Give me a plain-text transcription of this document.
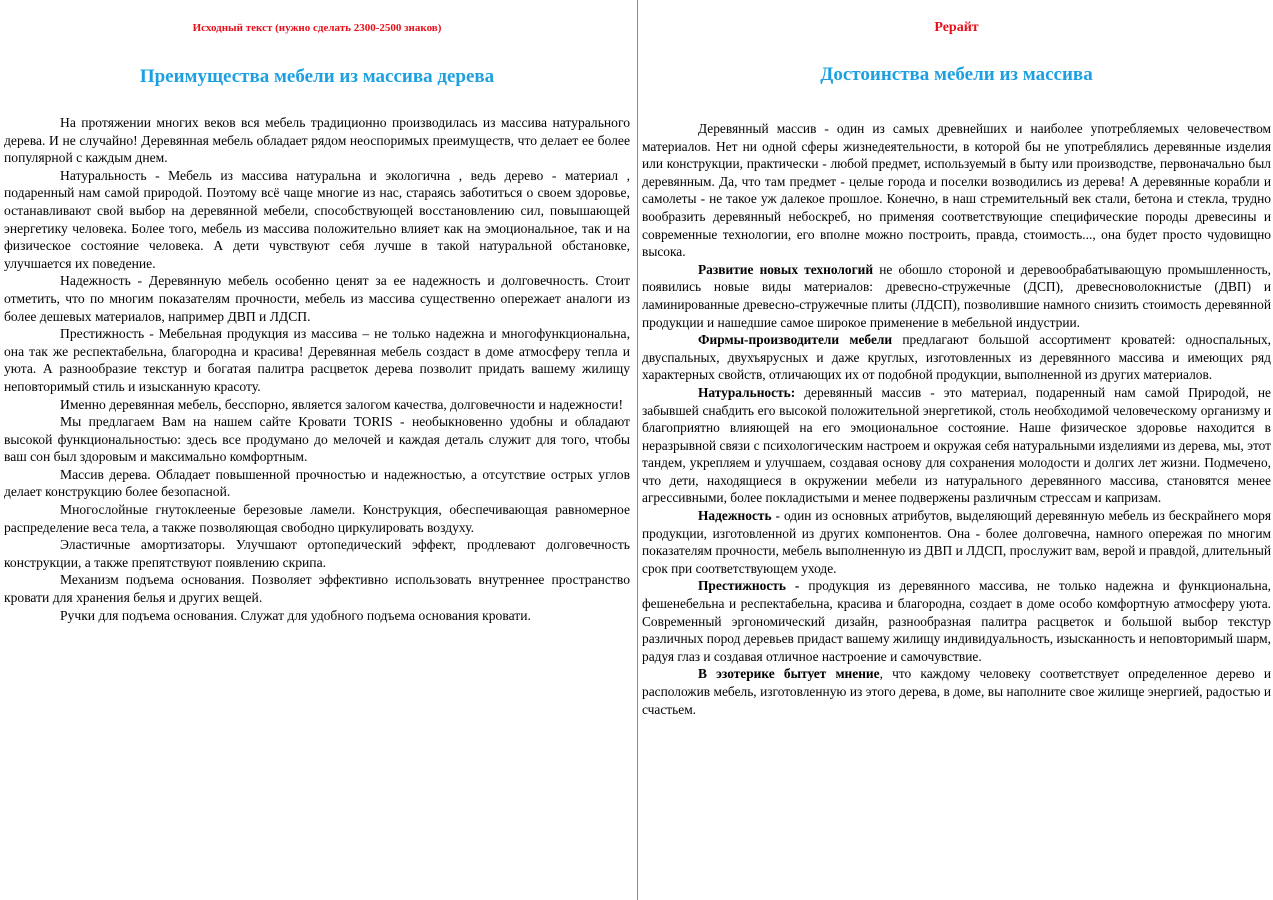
Исходный текст (нужно сделать 2300-2500 знаков)
Преимущества мебели из массива дерева

На протяжении многих веков вся мебель традиционно производилась из массива натурального дерева. И не случайно! Деревянная мебель обладает рядом неоспоримых преимуществ, что делает ее более популярной с каждым днем.

Натуральность - Мебель из массива натуральна и экологична , ведь дерево - материал , подаренный нам самой природой. Поэтому всё чаще многие из нас, стараясь заботиться о своем здоровье, останавливают свой выбор на деревянной мебели, способствующей восстановлению сил, повышающей энергетику человека. Более того, мебель из массива положительно влияет как на эмоциональное, так и на физическое состояние человека. А дети чувствуют себя лучше в такой натуральной обстановке, улучшается их поведение.

Надежность - Деревянную мебель особенно ценят за ее надежность и долговечность. Стоит отметить, что по многим показателям прочности, мебель из массива существенно опережает аналоги из более дешевых материалов, например ДВП и ЛДСП.

Престижность - Мебельная продукция из массива – не только надежна и многофункциональна, она так же респектабельна, благородна и красива! Деревянная мебель создаст в доме атмосферу тепла и уюта. А разнообразие текстур и богатая палитра расцветок дерева позволит придать вашему жилищу неповторимый стиль и изысканную красоту.

Именно деревянная мебель, бесспорно, является залогом качества, долговечности и надежности!

Мы предлагаем Вам на нашем сайте Кровати TORIS - необыкновенно удобны и обладают высокой функциональностью: здесь все продумано до мелочей и каждая деталь служит для того, чтобы ваш сон был здоровым и максимально комфортным.

Массив дерева. Обладает повышенной прочностью и надежностью, а отсутствие острых углов делает конструкцию более безопасной.

Многослойные гнутоклееные березовые ламели. Конструкция, обеспечивающая равномерное распределение веса тела, а также позволяющая свободно циркулировать воздуху.

Эластичные амортизаторы. Улучшают ортопедический эффект, продлевают долговечность конструкции, а также препятствуют появлению скрипа.

Механизм подъема основания. Позволяет эффективно использовать внутреннее пространство кровати для хранения белья и других вещей.

Ручки для подъема основания. Служат для удобного подъема основания кровати.

Рерайт
Достоинства мебели из массива

Деревянный массив - один из самых древнейших и наиболее употребляемых человечеством материалов. Нет ни одной сферы жизнедеятельности, в которой бы не употреблялись деревянные изделия или конструкции, практически - любой предмет, используемый в быту или производстве, первоначально был деревянным. Да, что там предмет - целые города и поселки возводились из дерева! А деревянные корабли и самолеты - не такое уж далекое прошлое. Конечно, в наш стремительный век стали, бетона и стекла, трудно вообразить деревянный небоскреб, но применяя соответствующие специфические породы древесины и современные технологии, его вполне можно построить, правда, стоимость..., она будет просто чудовищно высока.

Развитие новых технологий не обошло стороной и деревообрабатывающую промышленность, появились новые виды материалов: древесно-стружечные (ДСП), древесноволокнистые (ДВП) и ламинированные древесно-стружечные плиты (ЛДСП), позволившие намного снизить стоимость деревянной продукции и нашедшие самое широкое применение в мебельной индустрии.

Фирмы-производители мебели предлагают большой ассортимент кроватей: односпальных, двуспальных, двухъярусных и даже круглых, изготовленных из деревянного массива и имеющих ряд характерных свойств, отличающих их от подобной продукции, выполненной из других материалов.

Натуральность: деревянный массив - это материал, подаренный нам самой Природой, не забывшей снабдить его высокой положительной энергетикой, столь необходимой человеческому организму и благоприятно влияющей на его эмоциональное состояние. Наше физическое здоровье находится в неразрывной связи с психологическим настроем и окружая себя натуральными изделиями из дерева, мы, этот тандем, укрепляем и улучшаем, создавая основу для сохранения молодости и долгих лет жизни. Подмечено, что дети, находящиеся в окружении мебели из натурального деревянного массива, становятся менее агрессивными, более покладистыми и менее подвержены различным стрессам и капризам.

Надежность - один из основных атрибутов, выделяющий деревянную мебель из бескрайнего моря продукции, изготовленной из других компонентов. Она - более долговечна, намного опережая по многим показателям прочности, мебель выполненную из ДВП и ЛДСП, прослужит вам, верой и правдой, длительный срок при соответствующем уходе.

Престижность - продукция из деревянного массива, не только надежна и функциональна, фешенебельна и респектабельна, красива и благородна, создает в доме особо комфортную атмосферу уюта. Современный эргономический дизайн, разнообразная палитра расцветок и большой выбор текстур различных пород деревьев придаст вашему жилищу индивидуальность, изысканность и неповторимый шарм, радуя глаз и создавая отличное настроение и самочувствие.

В эзотерике бытует мнение, что каждому человеку соответствует определенное дерево и расположив мебель, изготовленную из этого дерева, в доме, вы наполните свое жилище энергией, радостью и счастьем.
